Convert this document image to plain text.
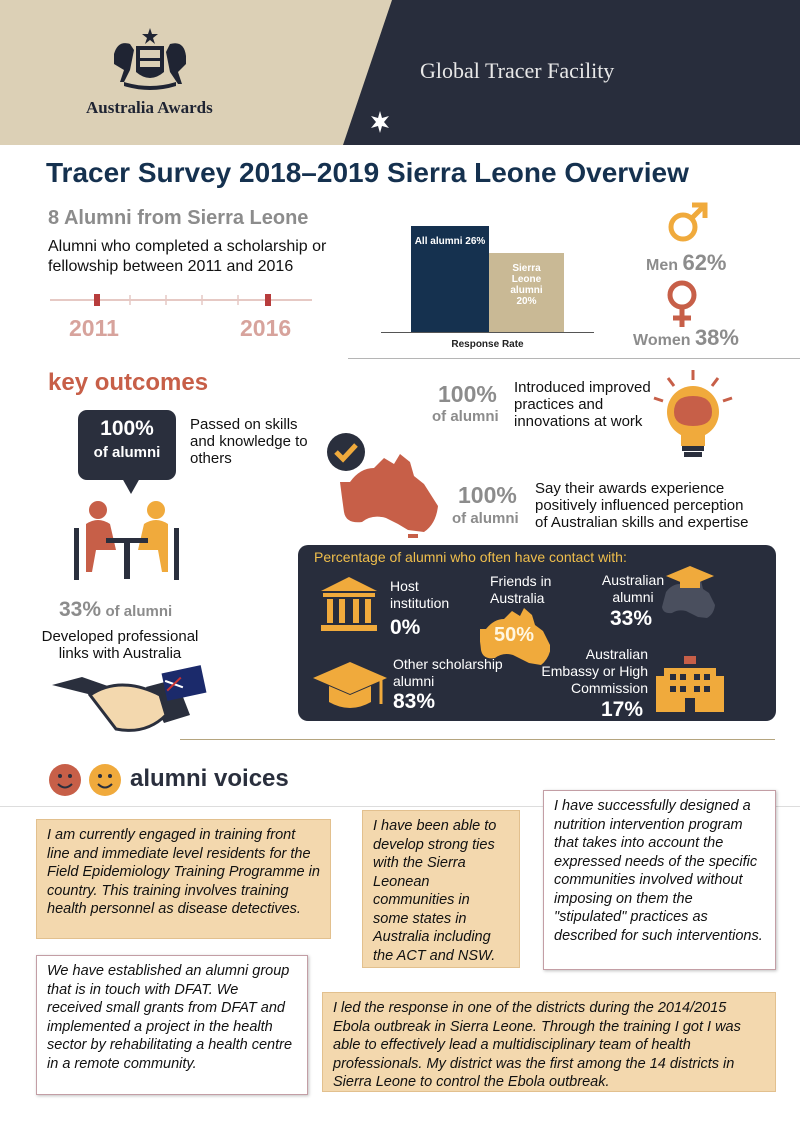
Australia Awards
Global Tracer Facility
Tracer Survey 2018–2019 Sierra Leone Overview
8 Alumni from Sierra Leone
Alumni who completed a scholarship or fellowship between 2011 and 2016
2011	2016
All alumni 26%
Sierra Leone alumni 20%
Response Rate
Men 62%
Women 38%
key outcomes
100%
of alumni
Passed on skills and knowledge to others
33% of alumni
Developed professional links with Australia
100%
of alumni
Introduced improved practices and innovations at work
100%
of alumni
Say their awards experience positively influenced perception of Australian skills and expertise
Percentage of alumni who often have contact with:
Host institution
0%
Friends in Australia
50%
Australian alumni
33%
Other scholarship alumni
83%
Australian Embassy or High Commission
17%
alumni voices
I am currently engaged in training front line and immediate level residents for the Field Epidemiology Training Programme in country. This training involves training health personnel as disease detectives.
I have been able to develop strong ties with the Sierra Leonean communities in some states in Australia including the ACT and NSW.
I have successfully designed a nutrition intervention program that takes into account the expressed needs of the specific communities involved without imposing on them the "stipulated" practices as described for such interventions.
We have established an alumni group that is in touch with DFAT. We received small grants from DFAT and implemented a project in the health sector by rehabilitating a health centre in a remote community.
I led the response in one of the districts during the 2014/2015 Ebola outbreak in Sierra Leone. Through the training I got I was able to effectively lead a multidisciplinary team of health professionals. My district was the first among the 14 districts in Sierra Leone to control the Ebola outbreak.
